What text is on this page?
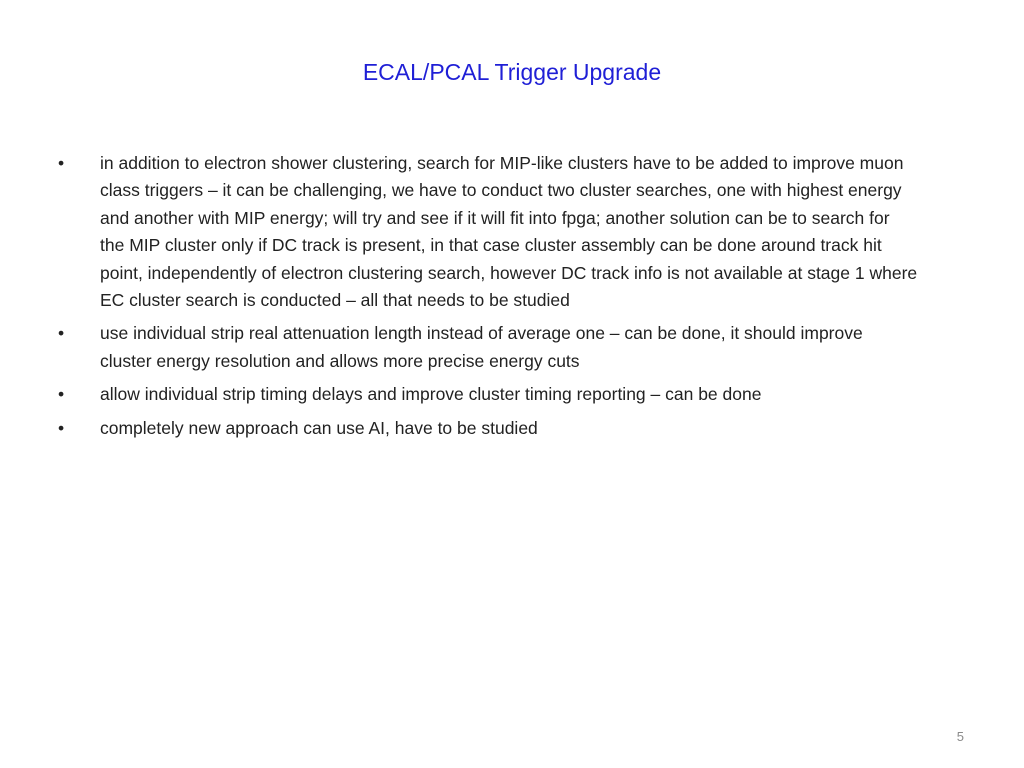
ECAL/PCAL Trigger Upgrade
•	in addition to electron shower clustering, search for MIP-like clusters have to be added to improve muon class triggers – it can be challenging, we have to conduct two cluster searches, one with highest energy and another with MIP energy; will try and see if it will fit into fpga; another solution can be to search for the MIP cluster only if DC track is present, in that case cluster assembly can be done around track hit point, independently of electron clustering search, however DC track info is not available at stage 1 where EC cluster search is conducted – all that needs to be studied
•	use individual strip real attenuation length instead of average one – can be done, it should improve cluster energy resolution and allows more precise energy cuts
•	allow individual strip timing delays and improve cluster timing reporting – can be done
•	completely new approach can use AI, have to be studied
5
